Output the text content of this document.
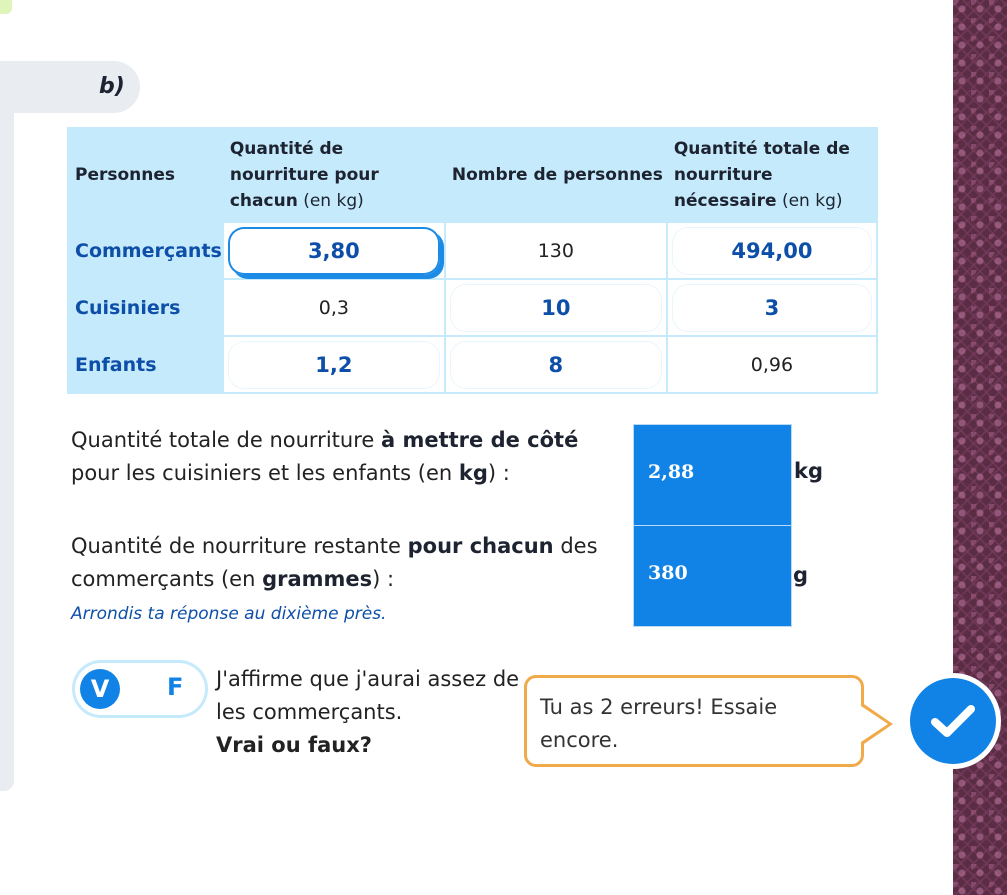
b)
Personnes	Quantité de nourriture pour chacun (en kg)	Nombre de personnes	Quantité totale de nourriture nécessaire (en kg)
Commerçants	3,80	130	494,00

Cuisiniers	0,3	10	3

Enfants	1,2	8	0,96
Quantité totale de nourriture à mettre de côté
pour les cuisiniers et les enfants (en kg) :	2,88	kg
Quantité de nourriture restante pour chacun des
commerçants (en grammes) :
Arrondis ta réponse au dixième près.
380	g
V	F J'affirme que j'aurai assez de
les commerçants.
Vrai ou faux?
Tu as 2 erreurs! Essaie encore.
